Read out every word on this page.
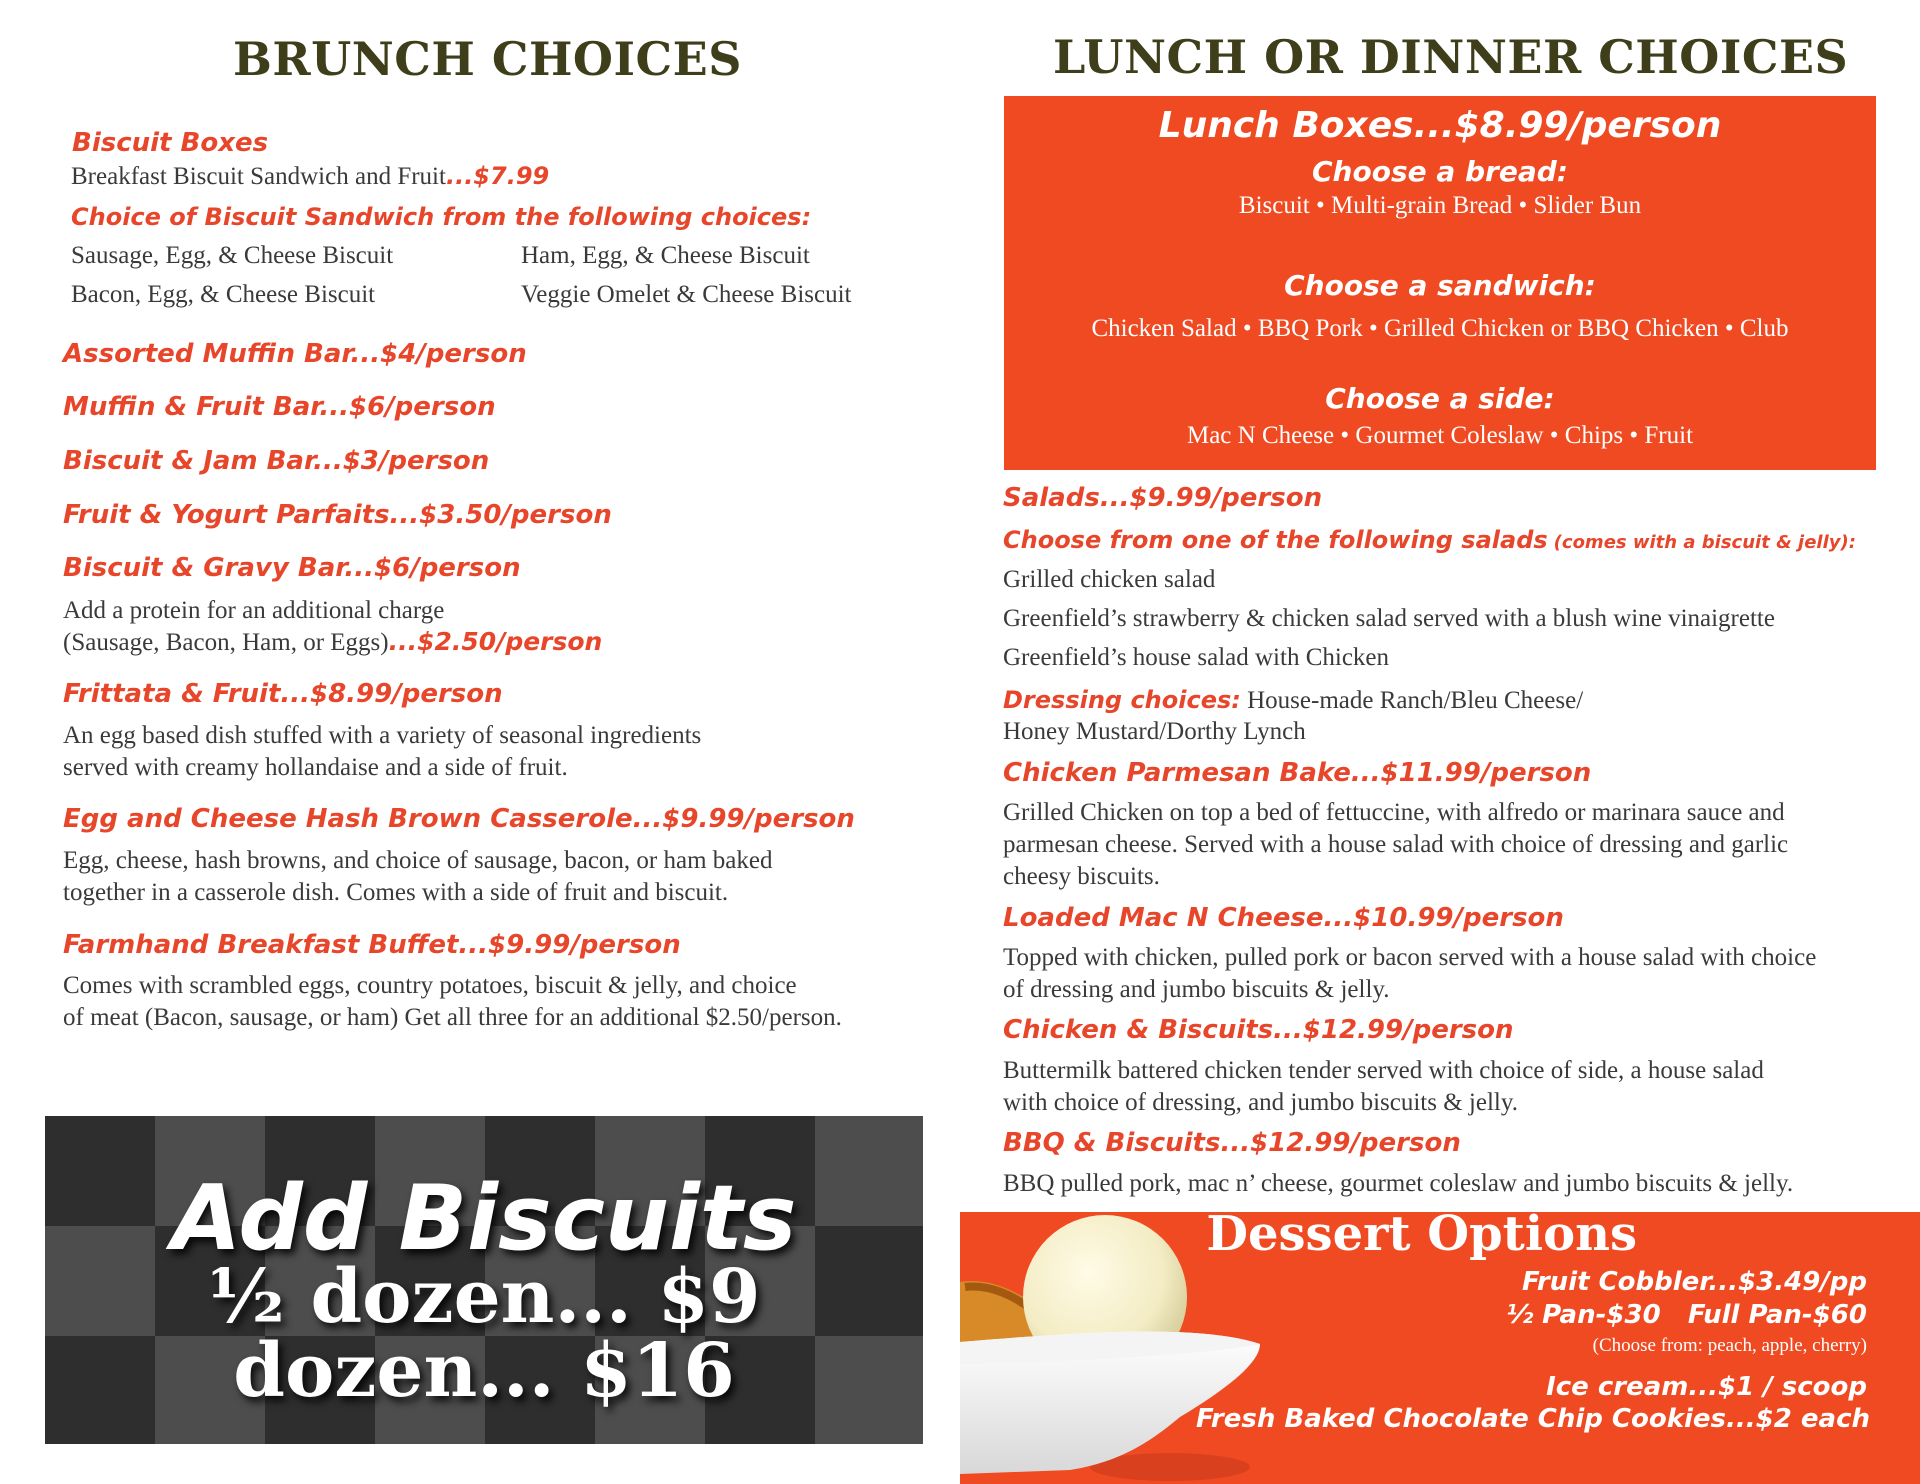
BRUNCH CHOICES
Biscuit Boxes
Breakfast Biscuit Sandwich and Fruit...$7.99
Choice of Biscuit Sandwich from the following choices:
Sausage, Egg, & Cheese Biscuit	Ham, Egg, & Cheese Biscuit
Bacon, Egg, & Cheese Biscuit	Veggie Omelet & Cheese Biscuit
Assorted Muffin Bar...$4/person
Muffin & Fruit Bar...$6/person
Biscuit & Jam Bar...$3/person
Fruit & Yogurt Parfaits...$3.50/person
Biscuit & Gravy Bar...$6/person
Add a protein for an additional charge
(Sausage, Bacon, Ham, or Eggs)...$2.50/person
Frittata & Fruit...$8.99/person
An egg based dish stuffed with a variety of seasonal ingredients
served with creamy hollandaise and a side of fruit.
Egg and Cheese Hash Brown Casserole...$9.99/person
Egg, cheese, hash browns, and choice of sausage, bacon, or ham baked
together in a casserole dish. Comes with a side of fruit and biscuit.
Farmhand Breakfast Buffet...$9.99/person
Comes with scrambled eggs, country potatoes, biscuit & jelly, and choice
of meat (Bacon, sausage, or ham) Get all three for an additional $2.50/person.
Add Biscuits
½ dozen... $9
dozen... $16
LUNCH OR DINNER CHOICES
Lunch Boxes...$8.99/person
Choose a bread:
Biscuit • Multi-grain Bread • Slider Bun
Choose a sandwich:
Chicken Salad • BBQ Pork • Grilled Chicken or BBQ Chicken • Club
Choose a side:
Mac N Cheese • Gourmet Coleslaw • Chips • Fruit
Salads...$9.99/person
Choose from one of the following salads (comes with a biscuit & jelly):
Grilled chicken salad
Greenfield’s strawberry & chicken salad served with a blush wine vinaigrette
Greenfield’s house salad with Chicken
Dressing choices: House-made Ranch/Bleu Cheese/
Honey Mustard/Dorthy Lynch
Chicken Parmesan Bake...$11.99/person
Grilled Chicken on top a bed of fettuccine, with alfredo or marinara sauce and
parmesan cheese. Served with a house salad with choice of dressing and garlic
cheesy biscuits.
Loaded Mac N Cheese...$10.99/person
Topped with chicken, pulled pork or bacon served with a house salad with choice
of dressing and jumbo biscuits & jelly.
Chicken & Biscuits...$12.99/person
Buttermilk battered chicken tender served with choice of side, a house salad
with choice of dressing, and jumbo biscuits & jelly.
BBQ & Biscuits...$12.99/person
BBQ pulled pork, mac n’ cheese, gourmet coleslaw and jumbo biscuits & jelly.
Dessert Options
Fruit Cobbler...$3.49/pp
½ Pan-$30   Full Pan-$60
(Choose from: peach, apple, cherry)
Ice cream...$1 / scoop
Fresh Baked Chocolate Chip Cookies...$2 each
